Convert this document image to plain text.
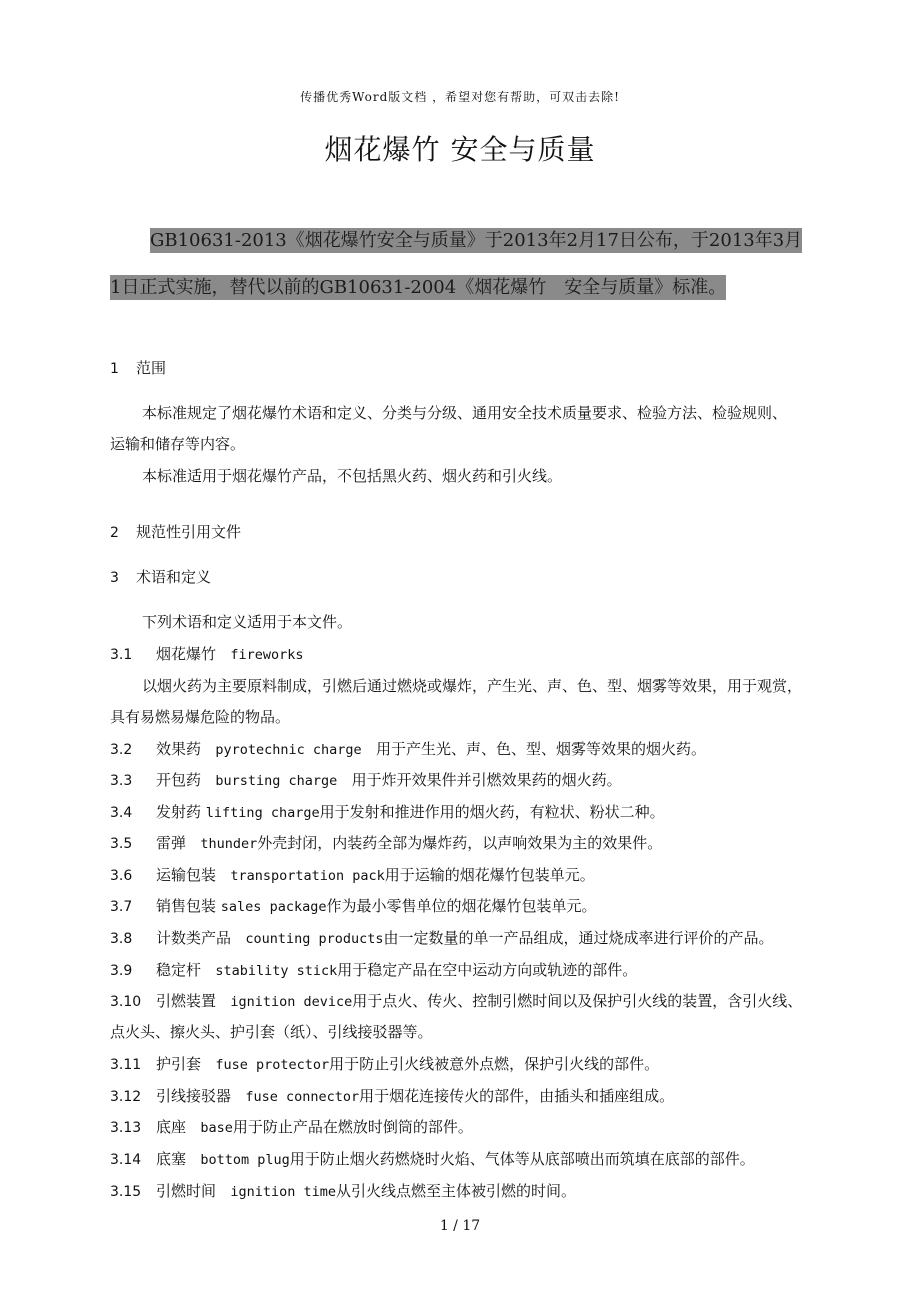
传播优秀Word版文档 ，希望对您有帮助，可双击去除!
烟花爆竹 安全与质量
GB10631-2013《烟花爆竹安全与质量》于2013年2月17日公布，于2013年3月
1日正式实施，替代以前的GB10631-2004《烟花爆竹　安全与质量》标准。
1 范围
本标准规定了烟花爆竹术语和定义、分类与分级、通用安全技术质量要求、检验方法、检验规则、
运输和储存等内容。
本标准适用于烟花爆竹产品，不包括黑火药、烟火药和引火线。
2 规范性引用文件
3 术语和定义
下列术语和定义适用于本文件。
3.1 烟花爆竹 fireworks
以烟火药为主要原料制成，引燃后通过燃烧或爆炸，产生光、声、色、型、烟雾等效果，用于观赏，
具有易燃易爆危险的物品。
3.2 效果药 pyrotechnic charge 用于产生光、声、色、型、烟雾等效果的烟火药。
3.3 开包药 bursting charge 用于炸开效果件并引燃效果药的烟火药。
3.4 发射药 lifting charge用于发射和推进作用的烟火药，有粒状、粉状二种。
3.5 雷弹 thunder外壳封闭，内装药全部为爆炸药，以声响效果为主的效果件。
3.6 运输包装 transportation pack用于运输的烟花爆竹包装单元。
3.7 销售包装 sales package作为最小零售单位的烟花爆竹包装单元。
3.8 计数类产品 counting products由一定数量的单一产品组成，通过烧成率进行评价的产品。
3.9 稳定杆 stability stick用于稳定产品在空中运动方向或轨迹的部件。
3.10 引燃装置 ignition device用于点火、传火、控制引燃时间以及保护引火线的装置，含引火线、
点火头、擦火头、护引套（纸）、引线接驳器等。
3.11 护引套 fuse protector用于防止引火线被意外点燃，保护引火线的部件。
3.12 引线接驳器 fuse connector用于烟花连接传火的部件，由插头和插座组成。
3.13 底座 base用于防止产品在燃放时倒筒的部件。
3.14 底塞 bottom plug用于防止烟火药燃烧时火焰、气体等从底部喷出而筑填在底部的部件。
3.15 引燃时间 ignition time从引火线点燃至主体被引燃的时间。
1 / 17
